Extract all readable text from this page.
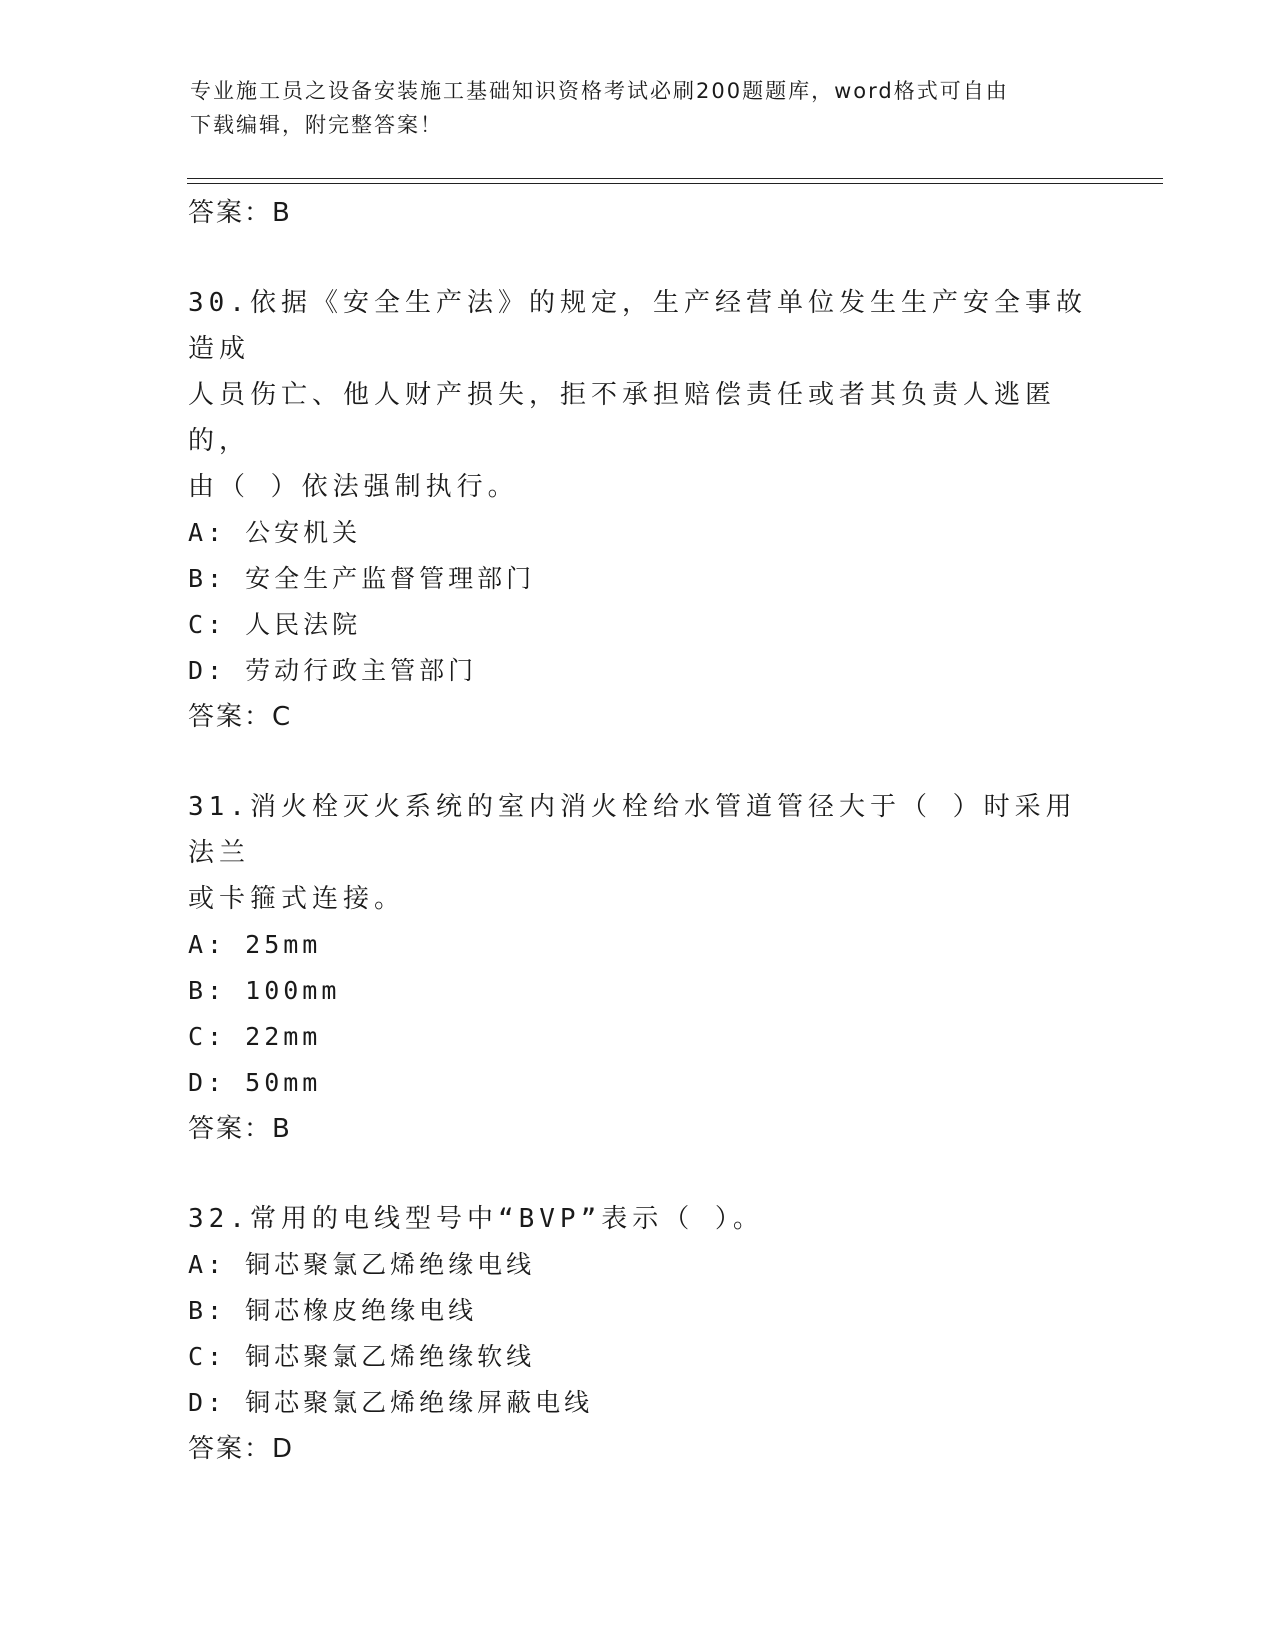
专业施工员之设备安装施工基础知识资格考试必刷200题题库，word格式可自由
下载编辑，附完整答案！
答案：B
30.依据《安全生产法》的规定，生产经营单位发生生产安全事故造成
人员伤亡、他人财产损失，拒不承担赔偿责任或者其负责人逃匿的，
由（ ）依法强制执行。
A: 公安机关
B: 安全生产监督管理部门
C: 人民法院
D: 劳动行政主管部门
答案：C
31.消火栓灭火系统的室内消火栓给水管道管径大于（ ）时采用法兰
或卡箍式连接。
A: 25mm
B: 100mm
C: 22mm
D: 50mm
答案：B
32.常用的电线型号中“BVP”表示（ ）。
A: 铜芯聚氯乙烯绝缘电线
B: 铜芯橡皮绝缘电线
C: 铜芯聚氯乙烯绝缘软线
D: 铜芯聚氯乙烯绝缘屏蔽电线
答案：D
